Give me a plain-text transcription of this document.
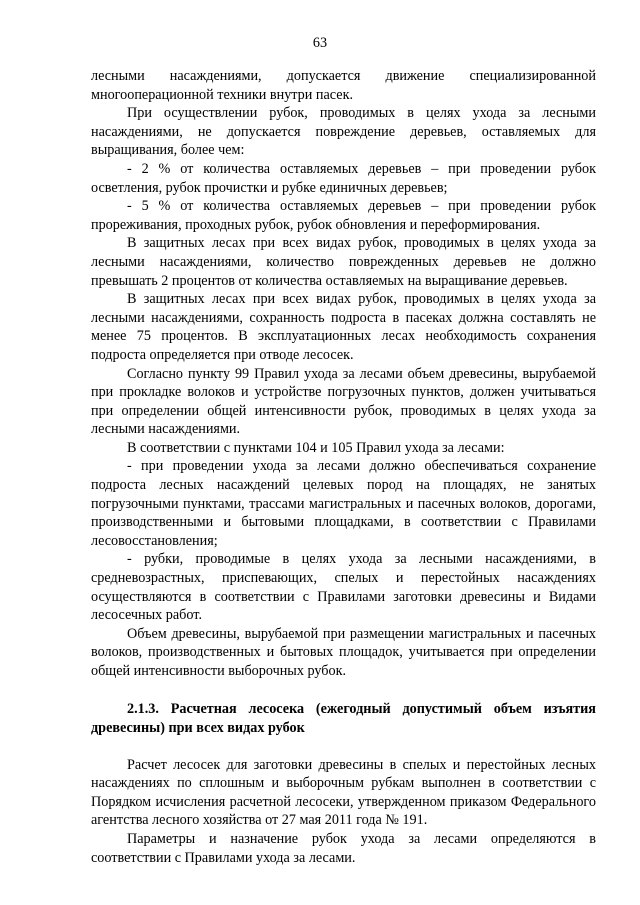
63

лесными насаждениями, допускается движение специализированной многооперационной техники внутри пасек.

При осуществлении рубок, проводимых в целях ухода за лесными насаждениями, не допускается повреждение деревьев, оставляемых для выращивания, более чем:

- 2 % от количества оставляемых деревьев – при проведении рубок осветления, рубок прочистки и рубке единичных деревьев;

- 5 % от количества оставляемых деревьев – при проведении рубок прореживания, проходных рубок, рубок обновления и переформирования.

В защитных лесах при всех видах рубок, проводимых в целях ухода за лесными насаждениями, количество поврежденных деревьев не должно превышать 2 процентов от количества оставляемых на выращивание деревьев.

В защитных лесах при всех видах рубок, проводимых в целях ухода за лесными насаждениями, сохранность подроста в пасеках должна составлять не менее 75 процентов. В эксплуатационных лесах необходимость сохранения подроста определяется при отводе лесосек.

Согласно пункту 99 Правил ухода за лесами объем древесины, вырубаемой при прокладке волоков и устройстве погрузочных пунктов, должен учитываться при определении общей интенсивности рубок, проводимых в целях ухода за лесными насаждениями.

В соответствии с пунктами 104 и 105 Правил ухода за лесами:

- при проведении ухода за лесами должно обеспечиваться сохранение подроста лесных насаждений целевых пород на площадях, не занятых погрузочными пунктами, трассами магистральных и пасечных волоков, дорогами, производственными и бытовыми площадками, в соответствии с Правилами лесовосстановления;

- рубки, проводимые в целях ухода за лесными насаждениями, в средневозрастных, приспевающих, спелых и перестойных насаждениях осуществляются в соответствии с Правилами заготовки древесины и Видами лесосечных работ.

Объем древесины, вырубаемой при размещении магистральных и пасечных волоков, производственных и бытовых площадок, учитывается при определении общей интенсивности выборочных рубок.

2.1.3. Расчетная лесосека (ежегодный допустимый объем изъятия древесины) при всех видах рубок

Расчет лесосек для заготовки древесины в спелых и перестойных лесных насаждениях по сплошным и выборочным рубкам выполнен в соответствии с Порядком исчисления расчетной лесосеки, утвержденном приказом Федерального агентства лесного хозяйства от 27 мая 2011 года № 191.

Параметры и назначение рубок ухода за лесами определяются в соответствии с Правилами ухода за лесами.
